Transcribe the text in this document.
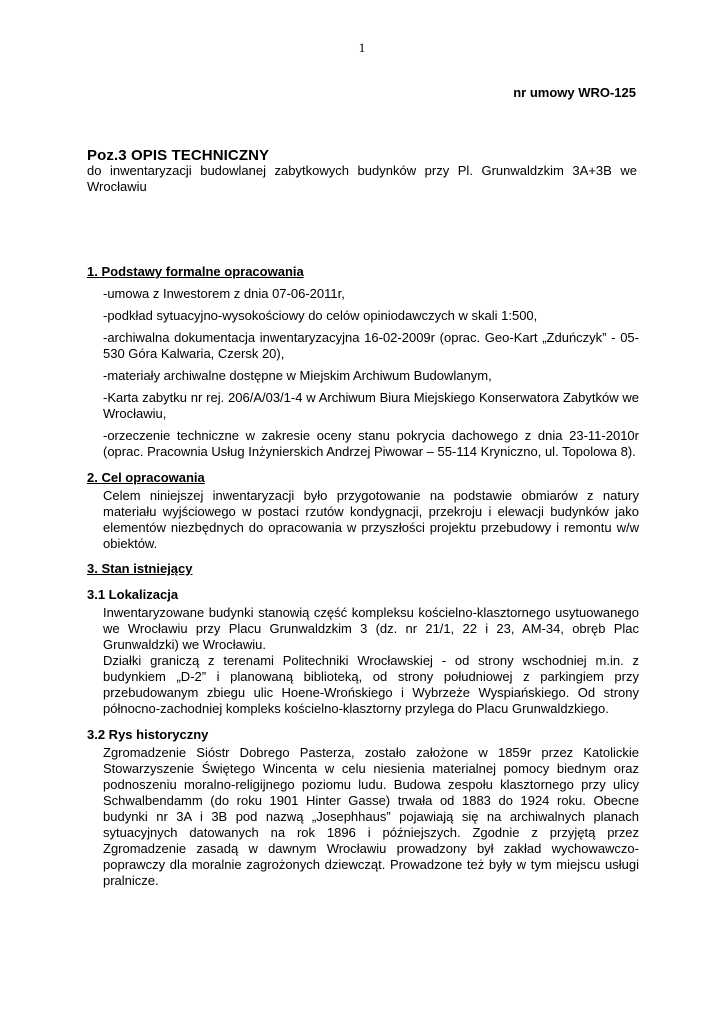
1
nr umowy WRO-125
Poz.3 OPIS TECHNICZNY
do inwentaryzacji budowlanej zabytkowych budynków przy Pl. Grunwaldzkim 3A+3B we Wrocławiu
1. Podstawy formalne opracowania
-umowa z Inwestorem z dnia 07-06-2011r,
-podkład sytuacyjno-wysokościowy do celów opiniodawczych w skali 1:500,
-archiwalna dokumentacja inwentaryzacyjna 16-02-2009r (oprac. Geo-Kart „Zduńczyk” - 05-530 Góra Kalwaria, Czersk 20),
-materiały archiwalne dostępne w Miejskim Archiwum Budowlanym,
-Karta zabytku nr rej. 206/A/03/1-4 w Archiwum Biura Miejskiego Konserwatora Zabytków we Wrocławiu,
-orzeczenie techniczne w zakresie oceny stanu pokrycia dachowego z dnia 23-11-2010r (oprac. Pracownia Usług Inżynierskich Andrzej Piwowar – 55-114 Kryniczno, ul. Topolowa 8).
2. Cel opracowania
Celem niniejszej inwentaryzacji było przygotowanie na podstawie obmiarów z natury materiału wyjściowego w postaci rzutów kondygnacji, przekroju i elewacji budynków jako elementów niezbędnych do opracowania w przyszłości projektu przebudowy i remontu w/w obiektów.
3. Stan istniejący
3.1 Lokalizacja
Inwentaryzowane budynki stanowią część kompleksu kościelno-klasztornego usytuowanego we Wrocławiu przy Placu Grunwaldzkim 3 (dz. nr 21/1, 22 i 23, AM-34, obręb Plac Grunwaldzki) we Wrocławiu.
Działki graniczą z terenami Politechniki Wrocławskiej - od strony wschodniej m.in. z budynkiem „D-2” i planowaną biblioteką, od strony południowej z parkingiem przy przebudowanym zbiegu ulic Hoene-Wrońskiego i Wybrzeże Wyspiańskiego. Od strony północno-zachodniej kompleks kościelno-klasztorny przylega do Placu Grunwaldzkiego.
3.2 Rys historyczny
Zgromadzenie Sióstr Dobrego Pasterza, zostało założone w 1859r przez Katolickie Stowarzyszenie Świętego Wincenta w celu niesienia materialnej pomocy biednym oraz podnoszeniu moralno-religijnego poziomu ludu. Budowa zespołu klasztornego przy ulicy Schwalbendamm (do roku 1901 Hinter Gasse) trwała od 1883 do 1924 roku. Obecne budynki nr 3A i 3B pod nazwą „Josephhaus” pojawiają się na archiwalnych planach sytuacyjnych datowanych na rok 1896 i późniejszych. Zgodnie z przyjętą przez Zgromadzenie zasadą w dawnym Wrocławiu prowadzony był zakład wychowawczo-poprawczy dla moralnie zagrożonych dziewcząt. Prowadzone też były w tym miejscu usługi pralnicze.
